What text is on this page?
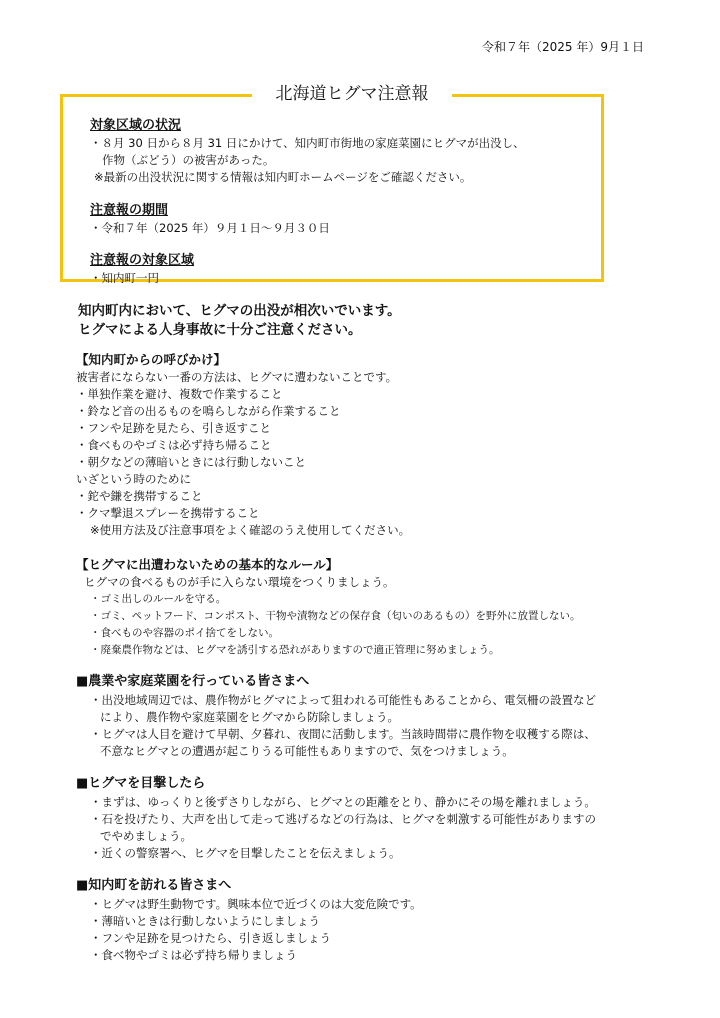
令和７年（2025 年）9月１日
北海道ヒグマ注意報
対象区域の状況
・８月 30 日から８月 31 日にかけて、知内町市街地の家庭菜園にヒグマが出没し、
作物（ぶどう）の被害があった。
※最新の出没状況に関する情報は知内町ホームページをご確認ください。
注意報の期間
・令和７年（2025 年）９月１日～９月３０日
注意報の対象区域
・知内町一円
知内町内において、ヒグマの出没が相次いでいます。
ヒグマによる人身事故に十分ご注意ください。
【知内町からの呼びかけ】
被害者にならない一番の方法は、ヒグマに遭わないことです。
・単独作業を避け、複数で作業すること
・鈴など音の出るものを鳴らしながら作業すること
・フンや足跡を見たら、引き返すこと
・食べものやゴミは必ず持ち帰ること
・朝夕などの薄暗いときには行動しないこと
いざという時のために
・鉈や鎌を携帯すること
・クマ撃退スプレーを携帯すること
※使用方法及び注意事項をよく確認のうえ使用してください。
【ヒグマに出遭わないための基本的なルール】
ヒグマの食べるものが手に入らない環境をつくりましょう。
・ゴミ出しのルールを守る。
・ゴミ、ペットフード、コンポスト、干物や漬物などの保存食（匂いのあるもの）を野外に放置しない。
・食べものや容器のポイ捨てをしない。
・廃棄農作物などは、ヒグマを誘引する恐れがありますので適正管理に努めましょう。
■農業や家庭菜園を行っている皆さまへ
・出没地域周辺では、農作物がヒグマによって狙われる可能性もあることから、電気柵の設置など
により、農作物や家庭菜園をヒグマから防除しましょう。
・ヒグマは人目を避けて早朝、夕暮れ、夜間に活動します。当該時間帯に農作物を収穫する際は、
不意なヒグマとの遭遇が起こりうる可能性もありますので、気をつけましょう。
■ヒグマを目撃したら
・まずは、ゆっくりと後ずさりしながら、ヒグマとの距離をとり、静かにその場を離れましょう。
・石を投げたり、大声を出して走って逃げるなどの行為は、ヒグマを刺激する可能性がありますの
でやめましょう。
・近くの警察署へ、ヒグマを目撃したことを伝えましょう。
■知内町を訪れる皆さまへ
・ヒグマは野生動物です。興味本位で近づくのは大変危険です。
・薄暗いときは行動しないようにしましょう
・フンや足跡を見つけたら、引き返しましょう
・食べ物やゴミは必ず持ち帰りましょう
